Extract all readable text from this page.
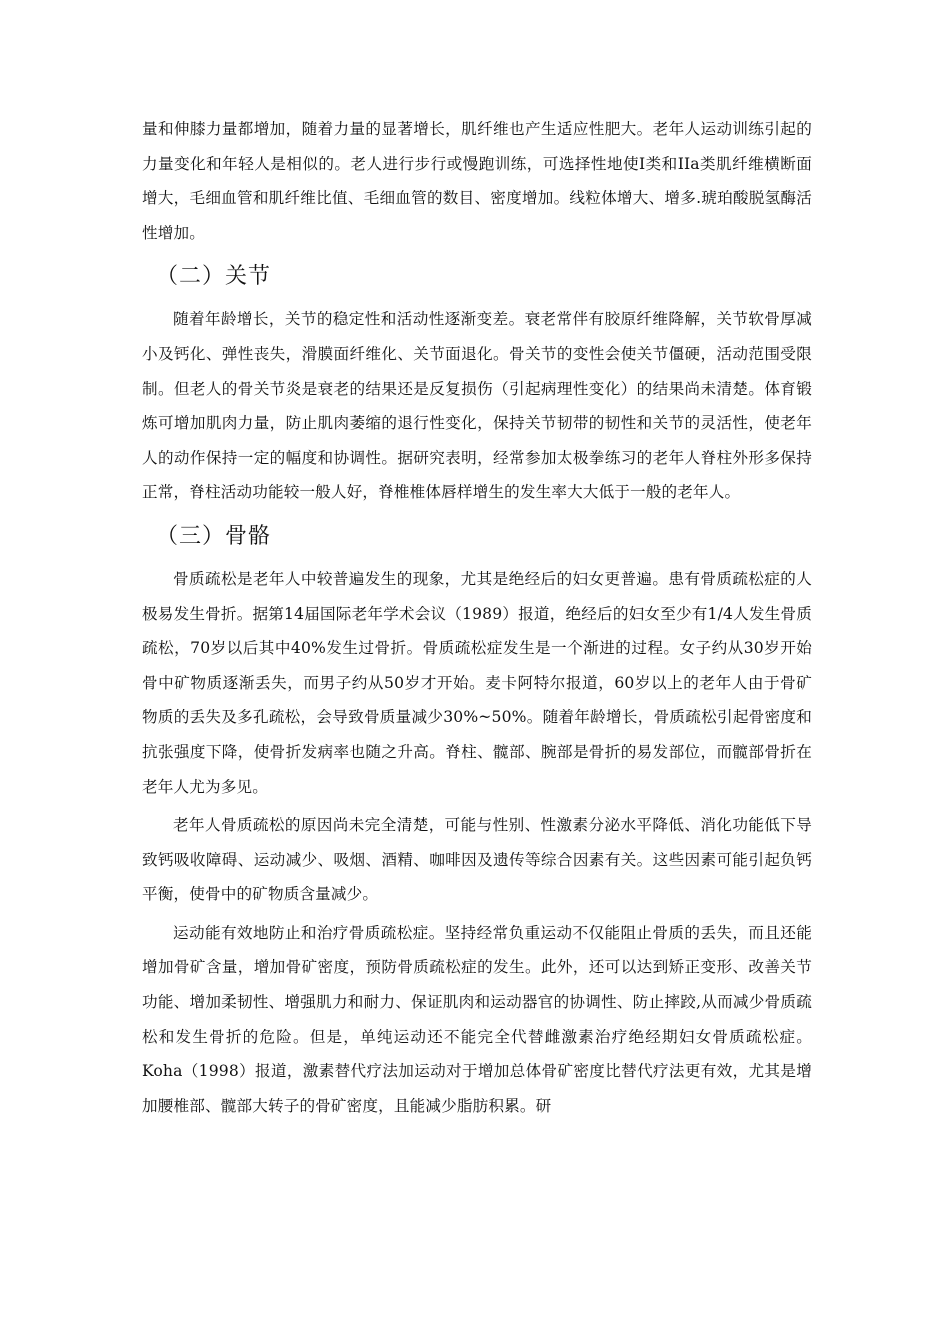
量和伸膝力量都增加，随着力量的显著增长，肌纤维也产生适应性肥大。老年人运动训练引起的力量变化和年轻人是相似的。老人进行步行或慢跑训练，可选择性地使Ⅰ类和IIa类肌纤维横断面增大，毛细血管和肌纤维比值、毛细血管的数目、密度增加。线粒体增大、增多.琥珀酸脱氢酶活性增加。

（二）关节

随着年龄增长，关节的稳定性和活动性逐渐变差。衰老常伴有胶原纤维降解，关节软骨厚减小及钙化、弹性丧失，滑膜面纤维化、关节面退化。骨关节的变性会使关节僵硬，活动范围受限制。但老人的骨关节炎是衰老的结果还是反复损伤（引起病理性变化）的结果尚未清楚。体育锻炼可增加肌肉力量，防止肌肉萎缩的退行性变化，保持关节韧带的韧性和关节的灵活性，使老年人的动作保持一定的幅度和协调性。据研究表明，经常参加太极拳练习的老年人脊柱外形多保持正常，脊柱活动功能较一般人好，脊椎椎体唇样增生的发生率大大低于一般的老年人。

（三）骨骼

骨质疏松是老年人中较普遍发生的现象，尤其是绝经后的妇女更普遍。患有骨质疏松症的人极易发生骨折。据第14届国际老年学术会议（1989）报道，绝经后的妇女至少有1/4人发生骨质疏松，70岁以后其中40%发生过骨折。骨质疏松症发生是一个渐进的过程。女子约从30岁开始骨中矿物质逐渐丢失，而男子约从50岁才开始。麦卡阿特尔报道，60岁以上的老年人由于骨矿物质的丢失及多孔疏松，会导致骨质量减少30%~50%。随着年龄增长，骨质疏松引起骨密度和抗张强度下降，使骨折发病率也随之升高。脊柱、髋部、腕部是骨折的易发部位，而髋部骨折在老年人尤为多见。

老年人骨质疏松的原因尚未完全清楚，可能与性别、性激素分泌水平降低、消化功能低下导致钙吸收障碍、运动减少、吸烟、酒精、咖啡因及遗传等综合因素有关。这些因素可能引起负钙平衡，使骨中的矿物质含量减少。

运动能有效地防止和治疗骨质疏松症。坚持经常负重运动不仅能阻止骨质的丢失，而且还能增加骨矿含量，增加骨矿密度，预防骨质疏松症的发生。此外，还可以达到矫正变形、改善关节功能、增加柔韧性、增强肌力和耐力、保证肌肉和运动器官的协调性、防止摔跤,从而减少骨质疏松和发生骨折的危险。但是，单纯运动还不能完全代替雌激素治疗绝经期妇女骨质疏松症。Koha（1998）报道，激素替代疗法加运动对于增加总体骨矿密度比替代疗法更有效，尤其是增加腰椎部、髋部大转子的骨矿密度，且能减少脂肪积累。研
